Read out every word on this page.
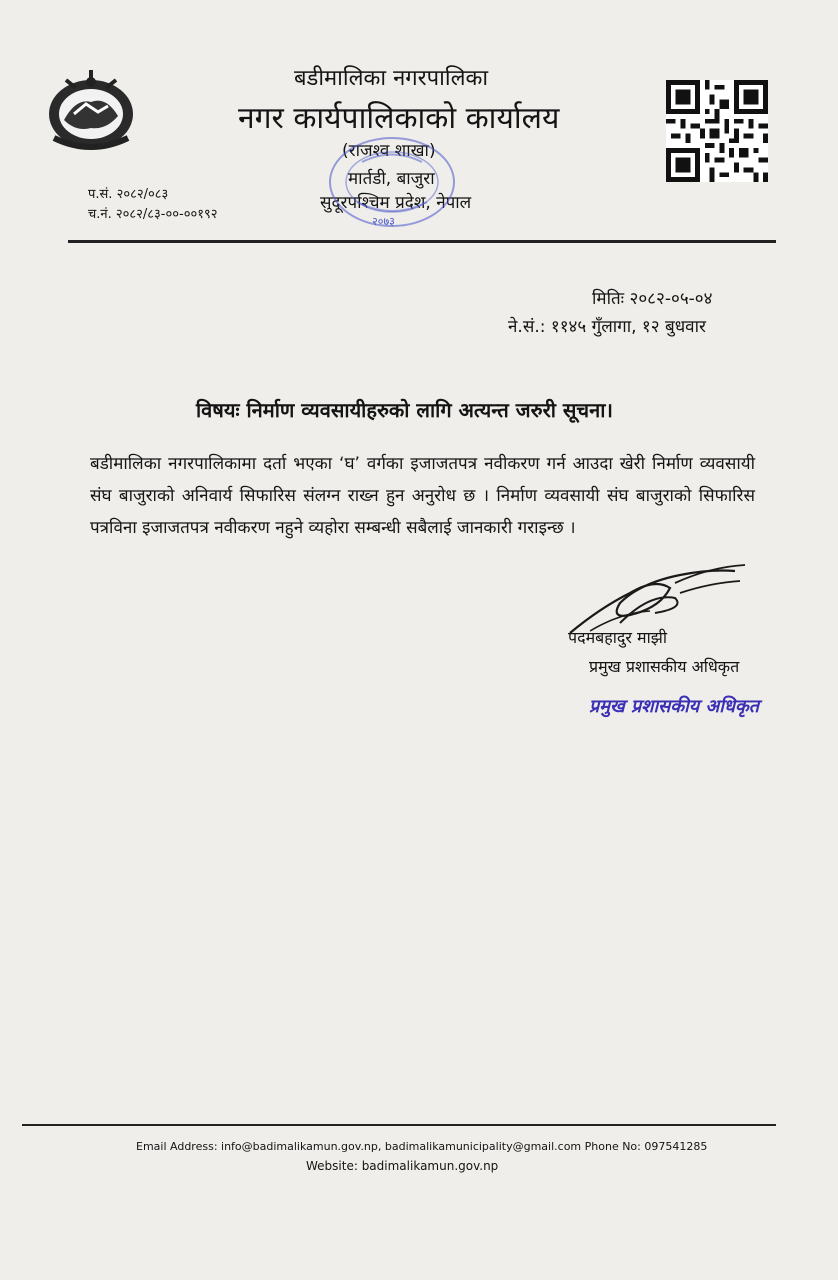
बडीमालिका नगरपालिका
नगर कार्यपालिकाको कार्यालय
(राजश्व शाखा)
मार्तडी, बाजुरा
सुदूरपश्चिम प्रदेश, नेपाल
२०७३
प.सं. २०८२/०८३
च.नं. २०८२/८३-००-००१९२
मितिः २०८२-०५-०४
ने.सं.: ११४५ गुँलागा, १२ बुधवार
विषयः निर्माण व्यवसायीहरुको लागि अत्यन्त जरुरी सूचना।
बडीमालिका नगरपालिकामा दर्ता भएका ‘घ’ वर्गका इजाजतपत्र नवीकरण गर्न आउदा खेरी निर्माण व्यवसायी संघ बाजुराको अनिवार्य सिफारिस संलग्न राख्न हुन अनुरोध छ । निर्माण व्यवसायी संघ बाजुराको सिफारिस पत्रविना इजाजतपत्र नवीकरण नहुने व्यहोरा सम्बन्धी सबैलाई जानकारी गराइन्छ ।
पदमबहादुर माझी
प्रमुख प्रशासकीय अधिकृत
प्रमुख प्रशासकीय अधिकृत
Email Address: info@badimalikamun.gov.np, badimalikamunicipality@gmail.com Phone No: 097541285
Website: badimalikamun.gov.np
